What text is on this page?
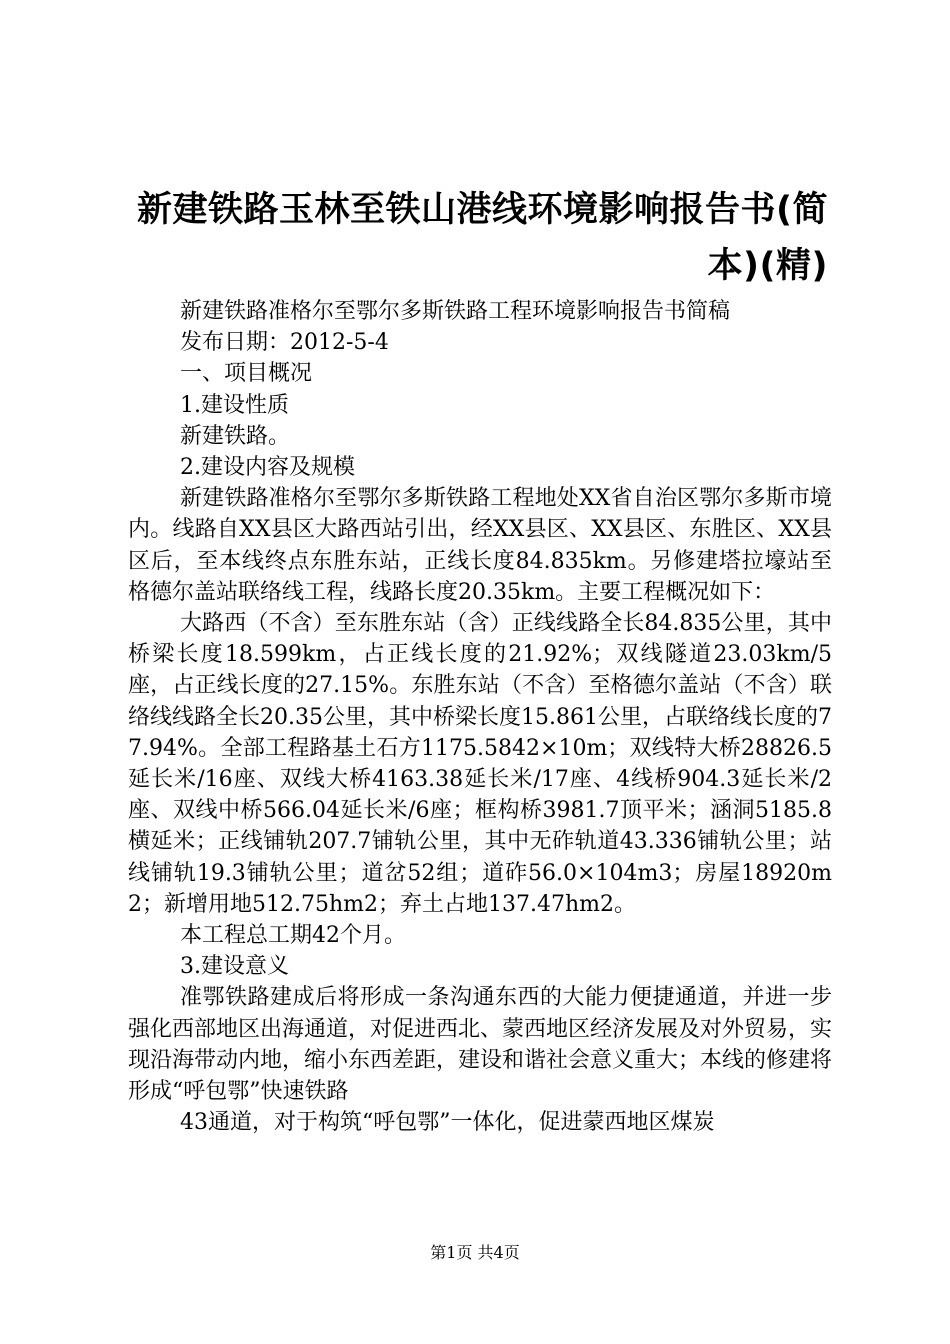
新建铁路玉林至铁山港线环境影响报告书(简本)(精)

新建铁路准格尔至鄂尔多斯铁路工程环境影响报告书简稿

发布日期：2012-5-4

一、项目概况

1.建设性质

新建铁路。

2.建设内容及规模

新建铁路准格尔至鄂尔多斯铁路工程地处XX省自治区鄂尔多斯市境内。线路自XX县区大路西站引出，经XX县区、XX县区、东胜区、XX县区后，至本线终点东胜东站，正线长度84.835km。另修建塔拉壕站至格德尔盖站联络线工程，线路长度20.35km。主要工程概况如下：

大路西（不含）至东胜东站（含）正线线路全长84.835公里，其中桥梁长度18.599km，占正线长度的21.92%；双线隧道23.03km/5座，占正线长度的27.15%。东胜东站（不含）至格德尔盖站（不含）联络线线路全长20.35公里，其中桥梁长度15.861公里，占联络线长度的77.94%。全部工程路基土石方1175.5842×10m；双线特大桥28826.5延长米/16座、双线大桥4163.38延长米/17座、4线桥904.3延长米/2座、双线中桥566.04延长米/6座；框构桥3981.7顶平米；涵洞5185.8横延米；正线铺轨207.7铺轨公里，其中无砟轨道43.336铺轨公里；站线铺轨19.3铺轨公里；道岔52组；道砟56.0×104m3；房屋18920m2；新增用地512.75hm2；弃土占地137.47hm2。

本工程总工期42个月。

3.建设意义

准鄂铁路建成后将形成一条沟通东西的大能力便捷通道，并进一步强化西部地区出海通道，对促进西北、蒙西地区经济发展及对外贸易，实现沿海带动内地，缩小东西差距，建设和谐社会意义重大；本线的修建将形成“呼包鄂”快速铁路

43通道，对于构筑“呼包鄂”一体化，促进蒙西地区煤炭

第1页 共4页
